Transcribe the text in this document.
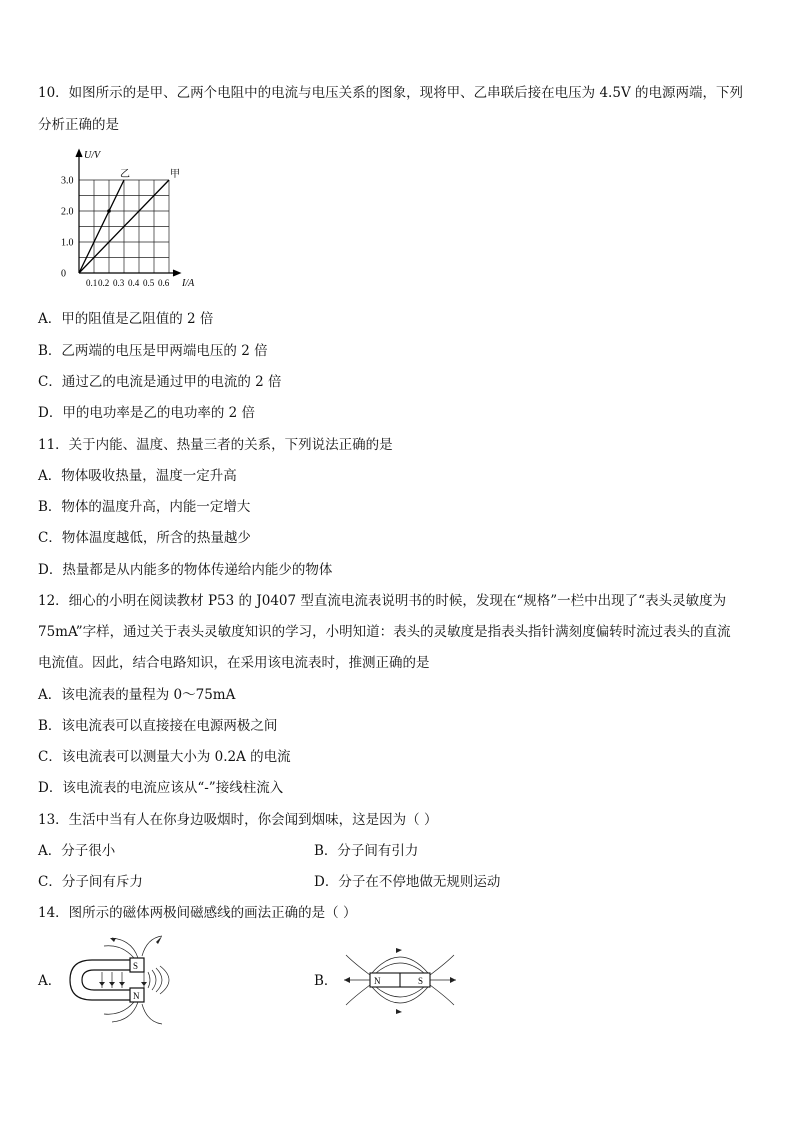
10．如图所示的是甲、乙两个电阻中的电流与电压关系的图象，现将甲、乙串联后接在电压为 4.5V 的电源两端，下列
分析正确的是
甲
乙
0
1.0
2.0
3.0
0.1 0.2 0.3 0.4 0.5 0.6
U/V
I/A
A．甲的阻值是乙阻值的 2 倍
B．乙两端的电压是甲两端电压的 2 倍
C．通过乙的电流是通过甲的电流的 2 倍
D．甲的电功率是乙的电功率的 2 倍
11．关于内能、温度、热量三者的关系，下列说法正确的是
A．物体吸收热量，温度一定升高
B．物体的温度升高，内能一定增大
C．物体温度越低，所含的热量越少
D．热量都是从内能多的物体传递给内能少的物体
12．细心的小明在阅读教材 P53 的 J0407 型直流电流表说明书的时候，发现在“规格”一栏中出现了“表头灵敏度为
75mA”字样，通过关于表头灵敏度知识的学习，小明知道：表头的灵敏度是指表头指针满刻度偏转时流过表头的直流
电流值。因此，结合电路知识，在采用该电流表时，推测正确的是
A．该电流表的量程为 0～75mA
B．该电流表可以直接接在电源两极之间
C．该电流表可以测量大小为 0.2A 的电流
D．该电流表的电流应该从“-”接线柱流入
13．生活中当有人在你身边吸烟时，你会闻到烟味，这是因为（ ）
A．分子很小	B．分子间有引力
C．分子间有斥力	D．分子在不停地做无规则运动
14．图所示的磁体两极间磁感线的画法正确的是（ ）
A．	B．
S
N
N	S
